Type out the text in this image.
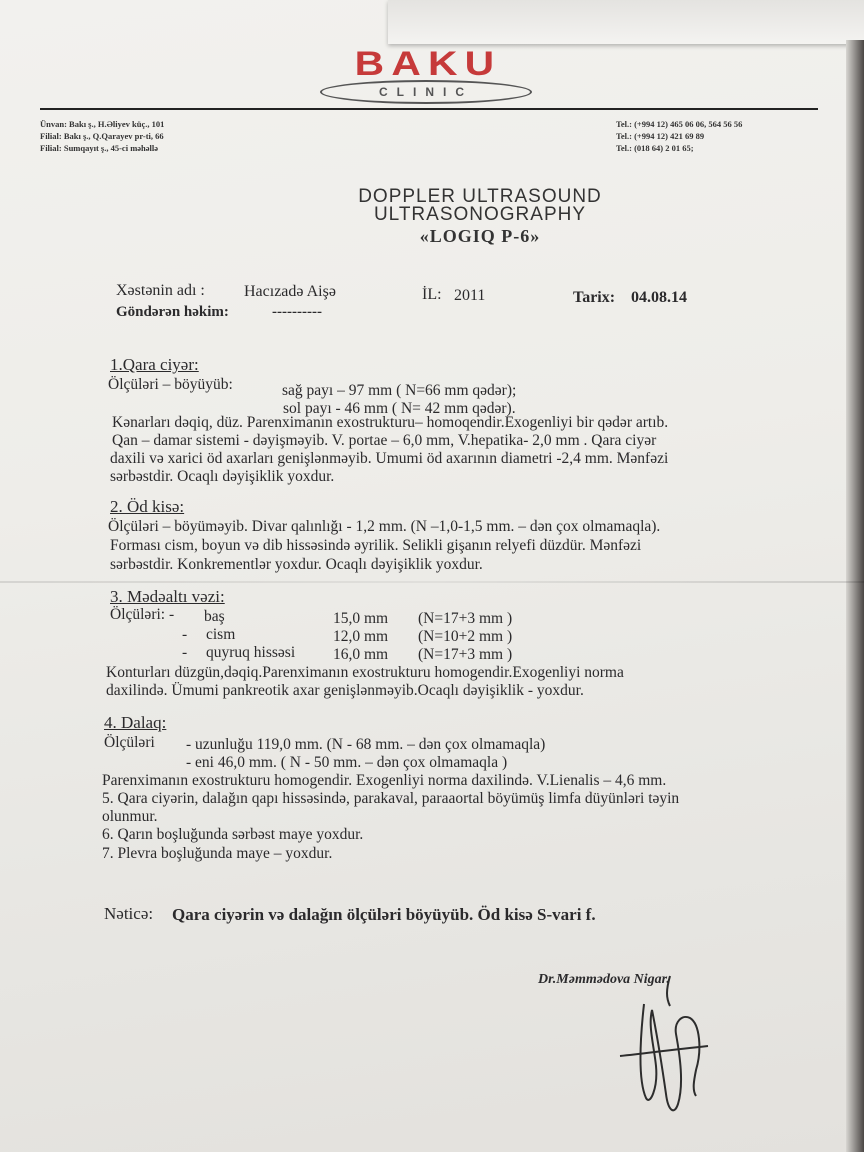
BAKU
CLINIC
Ünvan: Bakı ş., H.Əliyev küç., 101
Filial: Bakı ş., Q.Qarayev pr-ti, 66
Filial: Sumqayıt ş., 45-ci məhəllə
Tel.: (+994 12) 465 06 06, 564 56 56
Tel.: (+994 12) 421 69 89
Tel.: (018 64) 2 01 65;
DOPPLER ULTRASOUND
ULTRASONOGRAPHY
«LOGIQ P-6»
Xəstənin adı : Hacızadə Aişə	İL: 2011	Tarix: 04.08.14
Göndərən həkim:	----------
1.Qara ciyər:
Ölçüləri – böyüyüb:	sağ payı – 97 mm ( N=66 mm qədər);
sol payı - 46 mm ( N= 42 mm qədər).
Kənarları dəqiq, düz. Parenximanın exostrukturu– homoqendir.Exogenliyi bir qədər artıb.
Qan – damar sistemi - dəyişməyib. V. portae – 6,0 mm, V.hepatika- 2,0 mm . Qara ciyər
daxili və xarici öd axarları genişlənməyib. Umumi öd axarının diametri -2,4 mm. Mənfəzi
sərbəstdir. Ocaqlı dəyişiklik yoxdur.
2. Öd kisə:
Ölçüləri – böyüməyib. Divar qalınlığı - 1,2 mm. (N –1,0-1,5 mm. – dən çox olmamaqla).
Forması cism, boyun və dib hissəsində əyrilik. Selikli gişanın relyefi düzdür. Mənfəzi
sərbəstdir. Konkrementlər yoxdur. Ocaqlı dəyişiklik yoxdur.
3. Mədəaltı vəzi:
Ölçüləri: - baş	15,0 mm (N=17+3 mm )
- cism	12,0 mm (N=10+2 mm )
- quyruq hissəsi 16,0 mm (N=17+3 mm )
Konturları düzgün,dəqiq.Parenximanın exostrukturu homogendir.Exogenliyi norma
daxilində. Ümumi pankreotik axar genişlənməyib.Ocaqlı dəyişiklik - yoxdur.
4. Dalaq:
Ölçüləri - uzunluğu 119,0 mm. (N - 68 mm. – dən çox olmamaqla)
- eni 46,0 mm. ( N - 50 mm. – dən çox olmamaqla )
Parenximanın exostrukturu homogendir. Exogenliyi norma daxilində. V.Lienalis – 4,6 mm.
5. Qara ciyərin, dalağın qapı hissəsində, parakaval, paraaortal böyümüş limfa düyünləri təyin
olunmur.
6. Qarın boşluğunda sərbəst maye yoxdur.
7. Plevra boşluğunda maye – yoxdur.
Nəticə: Qara ciyərin və dalağın ölçüləri böyüyüb. Öd kisə S-vari f.
Dr.Məmmədova Nigar.
